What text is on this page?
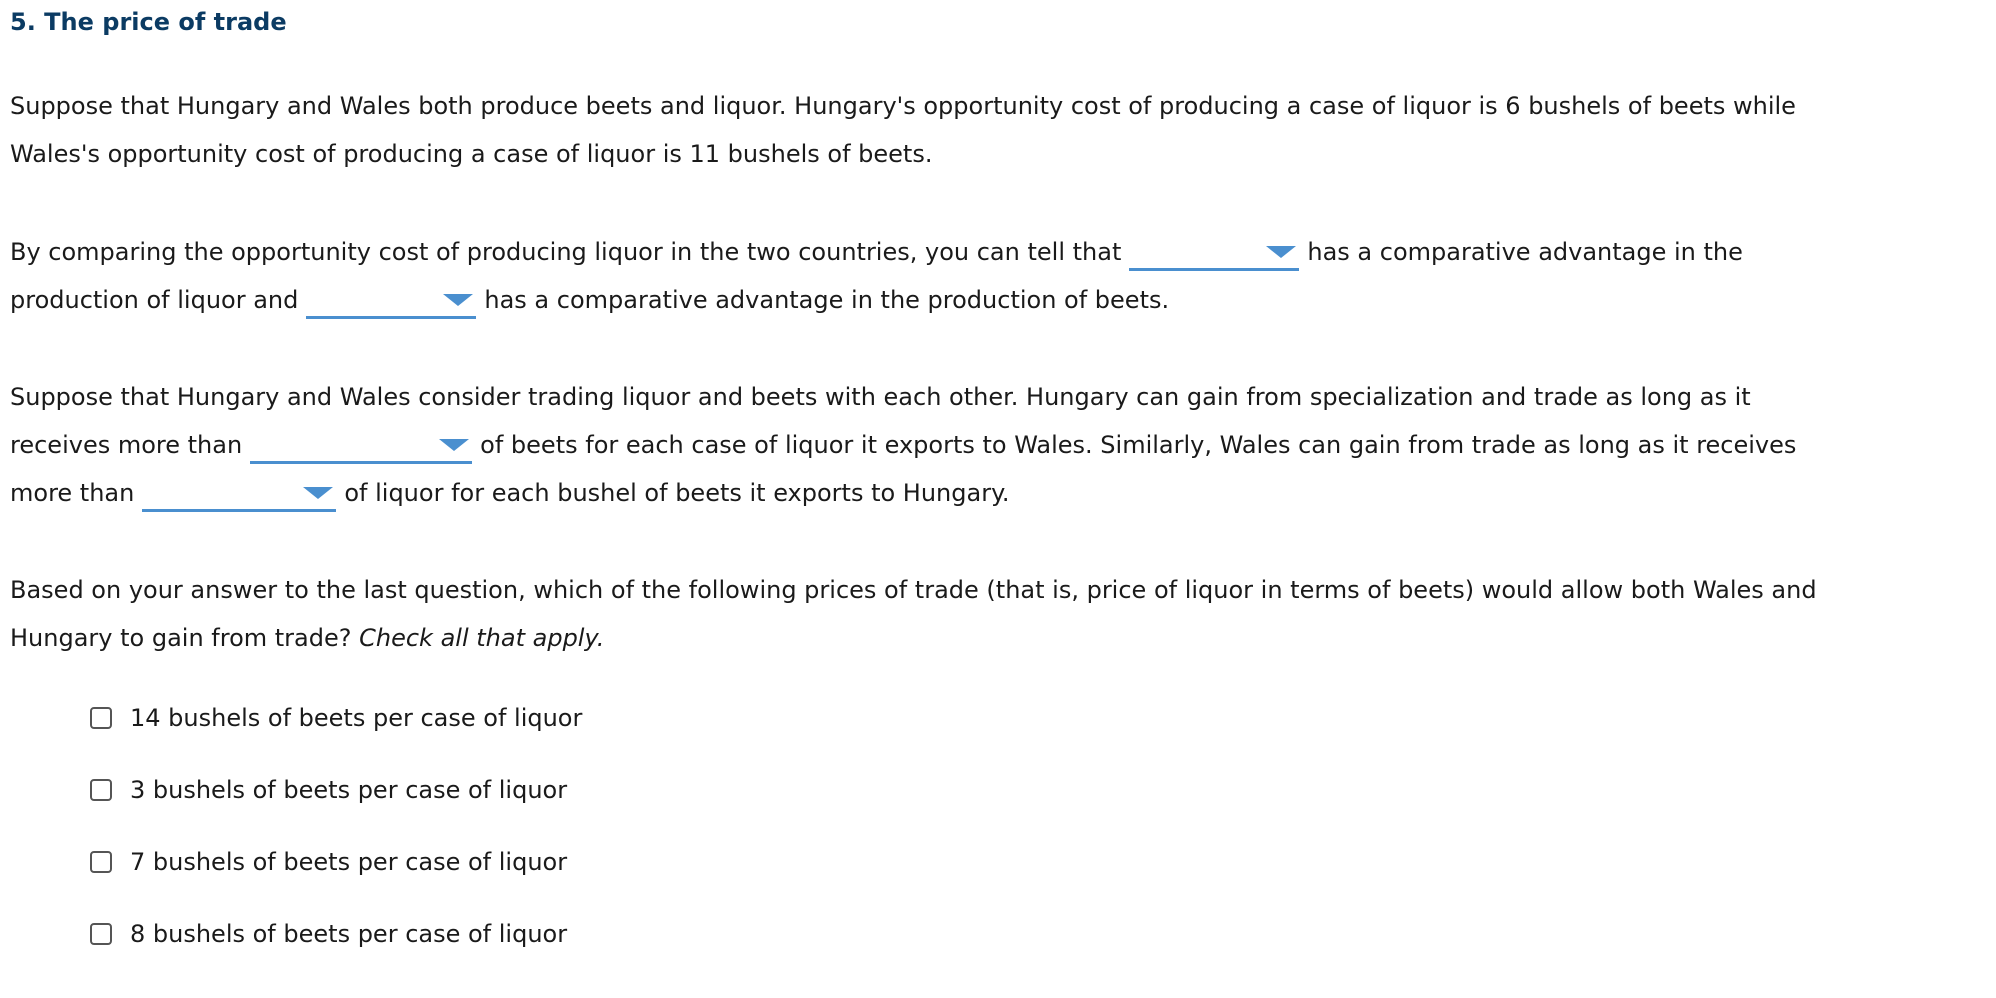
5. The price of trade
Suppose that Hungary and Wales both produce beets and liquor. Hungary's opportunity cost of producing a case of liquor is 6 bushels of beets while
Wales's opportunity cost of producing a case of liquor is 11 bushels of beets.
By comparing the opportunity cost of producing liquor in the two countries, you can tell that	has a comparative advantage in the
production of liquor and	has a comparative advantage in the production of beets.
Suppose that Hungary and Wales consider trading liquor and beets with each other. Hungary can gain from specialization and trade as long as it
receives more than	of beets for each case of liquor it exports to Wales. Similarly, Wales can gain from trade as long as it receives
more than	of liquor for each bushel of beets it exports to Hungary.
Based on your answer to the last question, which of the following prices of trade (that is, price of liquor in terms of beets) would allow both Wales and
Hungary to gain from trade?
Check all that apply.
14 bushels of beets per case of liquor
3 bushels of beets per case of liquor
7 bushels of beets per case of liquor
8 bushels of beets per case of liquor
